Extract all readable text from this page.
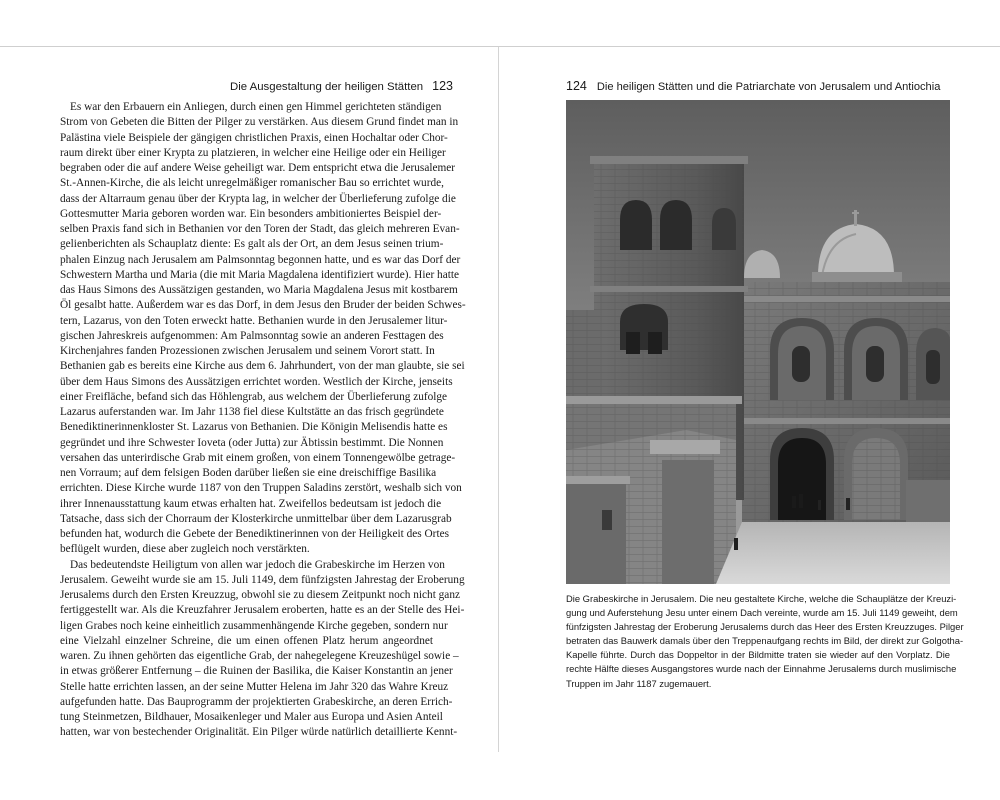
Die Ausgestaltung der heiligen Stätten 123
Es war den Erbauern ein Anliegen, durch einen gen Himmel gerichteten ständigen
Strom von Gebeten die Bitten der Pilger zu verstärken. Aus diesem Grund findet man in
Palästina viele Beispiele der gängigen christlichen Praxis, einen Hochaltar oder Chor-
raum direkt über einer Krypta zu platzieren, in welcher eine Heilige oder ein Heiliger
begraben oder die auf andere Weise geheiligt war. Dem entspricht etwa die Jerusalemer
St.-Annen-Kirche, die als leicht unregelmäßiger romanischer Bau so errichtet wurde,
dass der Altarraum genau über der Krypta lag, in welcher der Überlieferung zufolge die
Gottesmutter Maria geboren worden war. Ein besonders ambitioniertes Beispiel der-
selben Praxis fand sich in Bethanien vor den Toren der Stadt, das gleich mehreren Evan-
gelienberichten als Schauplatz diente: Es galt als der Ort, an dem Jesus seinen trium-
phalen Einzug nach Jerusalem am Palmsonntag begonnen hatte, und es war das Dorf der
Schwestern Martha und Maria (die mit Maria Magdalena identifiziert wurde). Hier hatte
das Haus Simons des Aussätzigen gestanden, wo Maria Magdalena Jesus mit kostbarem
Öl gesalbt hatte. Außerdem war es das Dorf, in dem Jesus den Bruder der beiden Schwes-
tern, Lazarus, von den Toten erweckt hatte. Bethanien wurde in den Jerusalemer litur-
gischen Jahreskreis aufgenommen: Am Palmsonntag sowie an anderen Festtagen des
Kirchenjahres fanden Prozessionen zwischen Jerusalem und seinem Vorort statt. In
Bethanien gab es bereits eine Kirche aus dem 6. Jahrhundert, von der man glaubte, sie sei
über dem Haus Simons des Aussätzigen errichtet worden. Westlich der Kirche, jenseits
einer Freifläche, befand sich das Höhlengrab, aus welchem der Überlieferung zufolge
Lazarus auferstanden war. Im Jahr 1138 fiel diese Kultstätte an das frisch gegründete
Benediktinerinnenkloster St. Lazarus von Bethanien. Die Königin Melisendis hatte es
gegründet und ihre Schwester Ioveta (oder Jutta) zur Äbtissin bestimmt. Die Nonnen
versahen das unterirdische Grab mit einem großen, von einem Tonnengewölbe getrage-
nen Vorraum; auf dem felsigen Boden darüber ließen sie eine dreischiffige Basilika
errichten. Diese Kirche wurde 1187 von den Truppen Saladins zerstört, weshalb sich von
ihrer Innenausstattung kaum etwas erhalten hat. Zweifellos bedeutsam ist jedoch die
Tatsache, dass sich der Chorraum der Klosterkirche unmittelbar über dem Lazarusgrab
befunden hat, wodurch die Gebete der Benediktinerinnen von der Heiligkeit des Ortes
beflügelt wurden, diese aber zugleich noch verstärkten.
Das bedeutendste Heiligtum von allen war jedoch die Grabeskirche im Herzen von
Jerusalem. Geweiht wurde sie am 15. Juli 1149, dem fünfzigsten Jahrestag der Eroberung
Jerusalems durch den Ersten Kreuzzug, obwohl sie zu diesem Zeitpunkt noch nicht ganz
fertiggestellt war. Als die Kreuzfahrer Jerusalem eroberten, hatte es an der Stelle des Hei-
ligen Grabes noch keine einheitlich zusammenhängende Kirche gegeben, sondern nur
eine Vielzahl einzelner Schreine, die um einen offenen Platz herum angeordnet
waren. Zu ihnen gehörten das eigentliche Grab, der nahegelegene Kreuzeshügel sowie –
in etwas größerer Entfernung – die Ruinen der Basilika, die Kaiser Konstantin an jener
Stelle hatte errichten lassen, an der seine Mutter Helena im Jahr 320 das Wahre Kreuz
aufgefunden hatte. Das Bauprogramm der projektierten Grabeskirche, an deren Errich-
tung Steinmetzen, Bildhauer, Mosaikenleger und Maler aus Europa und Asien Anteil
hatten, war von bestechender Originalität. Ein Pilger würde natürlich detaillierte Kennt-
124 Die heiligen Stätten und die Patriarchate von Jerusalem und Antiochia
Die Grabeskirche in Jerusalem. Die neu gestaltete Kirche, welche die Schauplätze der Kreuzi-
gung und Auferstehung Jesu unter einem Dach vereinte, wurde am 15. Juli 1149 geweiht, dem
fünfzigsten Jahrestag der Eroberung Jerusalems durch das Heer des Ersten Kreuzzuges. Pilger
betraten das Bauwerk damals über den Treppenaufgang rechts im Bild, der direkt zur Golgotha-
Kapelle führte. Durch das Doppeltor in der Bildmitte traten sie wieder auf den Vorplatz. Die
rechte Hälfte dieses Ausgangstores wurde nach der Einnahme Jerusalems durch muslimische
Truppen im Jahr 1187 zugemauert.
